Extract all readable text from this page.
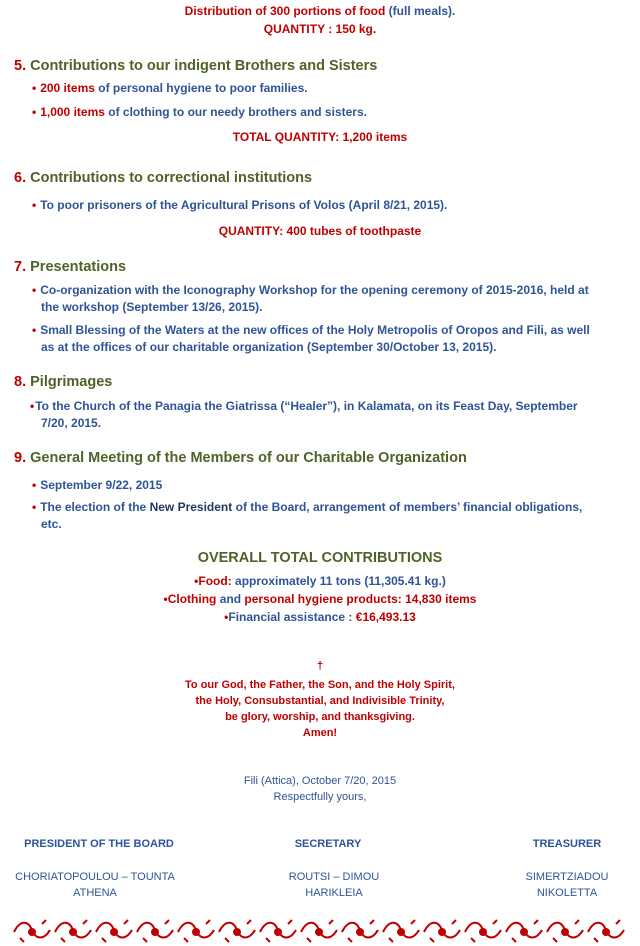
Distribution of 300 portions of food (full meals).
QUANTITY : 150 kg.
5. Contributions to our indigent Brothers and Sisters
• 200 items of personal hygiene to poor families.
• 1,000 items of clothing to our needy brothers and sisters.
TOTAL QUANTITY: 1,200 items
6. Contributions to correctional institutions
• To poor prisoners of the Agricultural Prisons of Volos (April 8/21, 2015).
QUANTITY: 400 tubes of toothpaste
7. Presentations
• Co-organization with the Iconography Workshop for the opening ceremony of 2015-2016, held at
the workshop (September 13/26, 2015).
• Small Blessing of the Waters at the new offices of the Holy Metropolis of Oropos and Fili, as well
as at the offices of our charitable organization (September 30/October 13, 2015).
8. Pilgrimages
•To the Church of the Panagia the Giatrissa (“Healer”), in Kalamata, on its Feast Day, September
7/20, 2015.
9. General Meeting of the Members of our Charitable Organization
• September 9/22, 2015
• The election of the New President of the Board, arrangement of members’ financial obligations,
etc.
OVERALL TOTAL CONTRIBUTIONS
•Food: approximately 11 tons (11,305.41 kg.)
•Clothing and personal hygiene products: 14,830 items
•Financial assistance : €16,493.13
†
To our God, the Father, the Son, and the Holy Spirit,
the Holy, Consubstantial, and Indivisible Trinity,
be glory, worship, and thanksgiving.
Amen!
Fili (Attica), October 7/20, 2015
Respectfully yours,
PRESIDENT OF THE BOARD	SECRETARY	TREASURER
CHORIATOPOULOU – TOUNTA
ATHENA
ROUTSI – DIMOU
HARIKLEIA
SIMERTZIADOU
NIKOLETTA
